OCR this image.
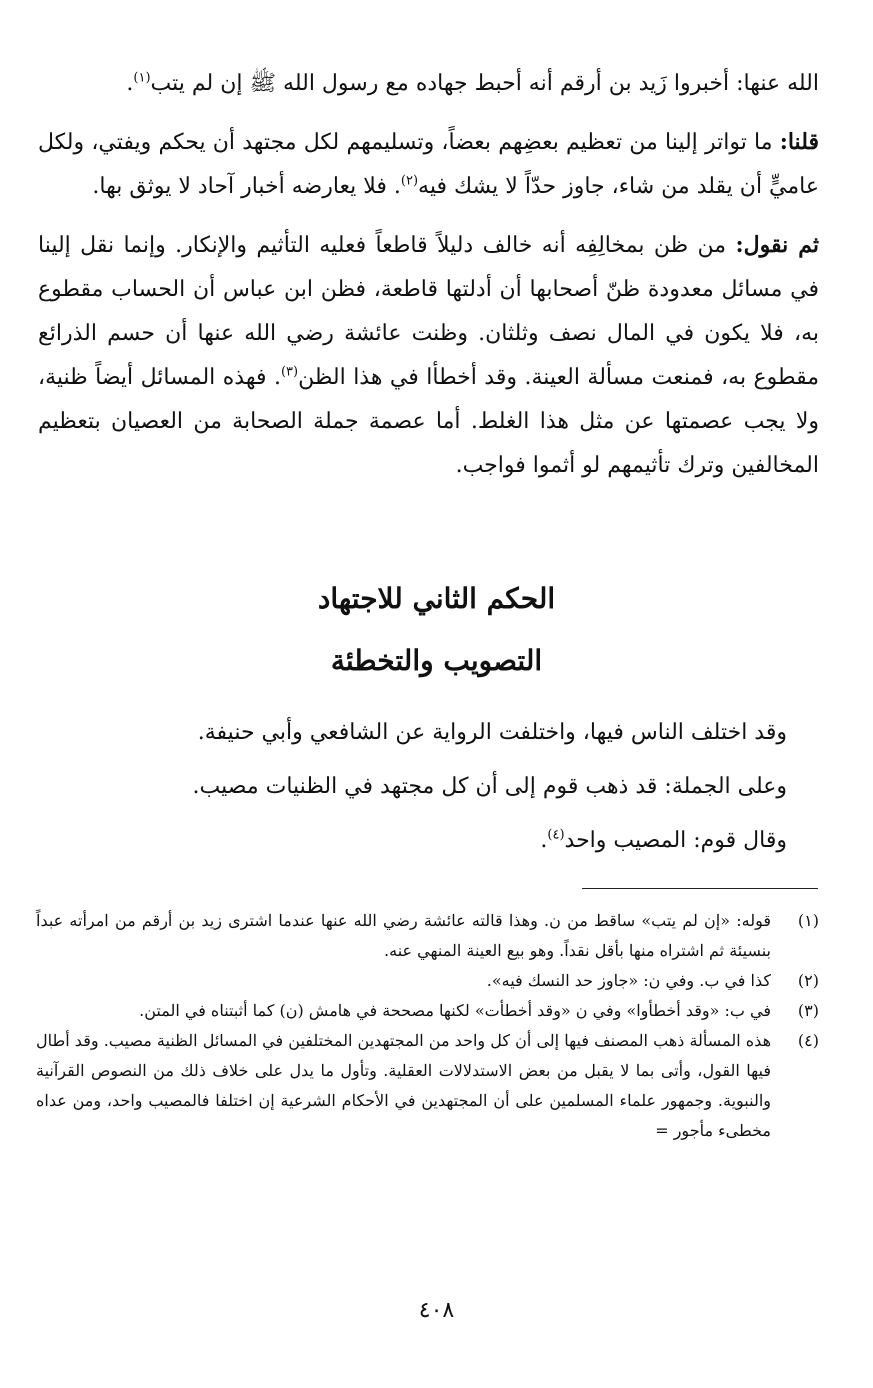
الله عنها: أخبروا زَيد بن أرقم أنه أحبط جهاده مع رسول الله ﷺ إن لم يتب$^{(١)}$.

قلنا: ما تواتر إلينا من تعظيم بعضِهم بعضاً، وتسليمهم لكل مجتهد أن يحكم ويفتي، ولكل عاميٍّ أن يقلد من شاء، جاوز حدّاً لا يشك فيه$^{(٢)}$. فلا يعارضه أخبار آحاد لا يوثق بها.

ثم نقول: من ظن بمخالِفِه أنه خالف دليلاً قاطعاً فعليه التأثيم والإنكار. وإنما نقل إلينا في مسائل معدودة ظنّ أصحابها أن أدلتها قاطعة، فظن ابن عباس أن الحساب مقطوع به، فلا يكون في المال نصف وثلثان. وظنت عائشة رضي الله عنها أن حسم الذرائع مقطوع به، فمنعت مسألة العينة. وقد أخطأا في هذا الظن$^{(٣)}$. فهذه المسائل أيضاً ظنية، ولا يجب عصمتها عن مثل هذا الغلط. أما عصمة جملة الصحابة من العصيان بتعظيم المخالفين وترك تأثيمهم لو أثموا فواجب.

الحكم الثاني للاجتهاد
التصويب والتخطئة

وقد اختلف الناس فيها، واختلفت الرواية عن الشافعي وأبي حنيفة.

وعلى الجملة: قد ذهب قوم إلى أن كل مجتهد في الظنيات مصيب.

وقال قوم: المصيب واحد$^{(٤)}$.

(١)
قوله: «إن لم يتب» ساقط من ن. وهذا قالته عائشة رضي الله عنها عندما اشترى زيد بن أرقم من امرأته عبداً بنسيئة ثم اشتراه منها بأقل نقداً. وهو بيع العينة المنهي عنه.
(٢)
كذا في ب. وفي ن: «جاوز حد النسك فيه».
(٣)
في ب: «وقد أخطأوا» وفي ن «وقد أخطأت» لكنها مصححة في هامش (ن) كما أثبتناه في المتن.
(٤)
هذه المسألة ذهب المصنف فيها إلى أن كل واحد من المجتهدين المختلفين في المسائل الظنية مصيب. وقد أطال فيها القول، وأتى بما لا يقبل من بعض الاستدلالات العقلية. وتأول ما يدل على خلاف ذلك من النصوص القرآنية والنبوية. وجمهور علماء المسلمين على أن المجتهدين في الأحكام الشرعية إن اختلفا فالمصيب واحد، ومن عداه مخطىء مأجور =
٤٠٨
